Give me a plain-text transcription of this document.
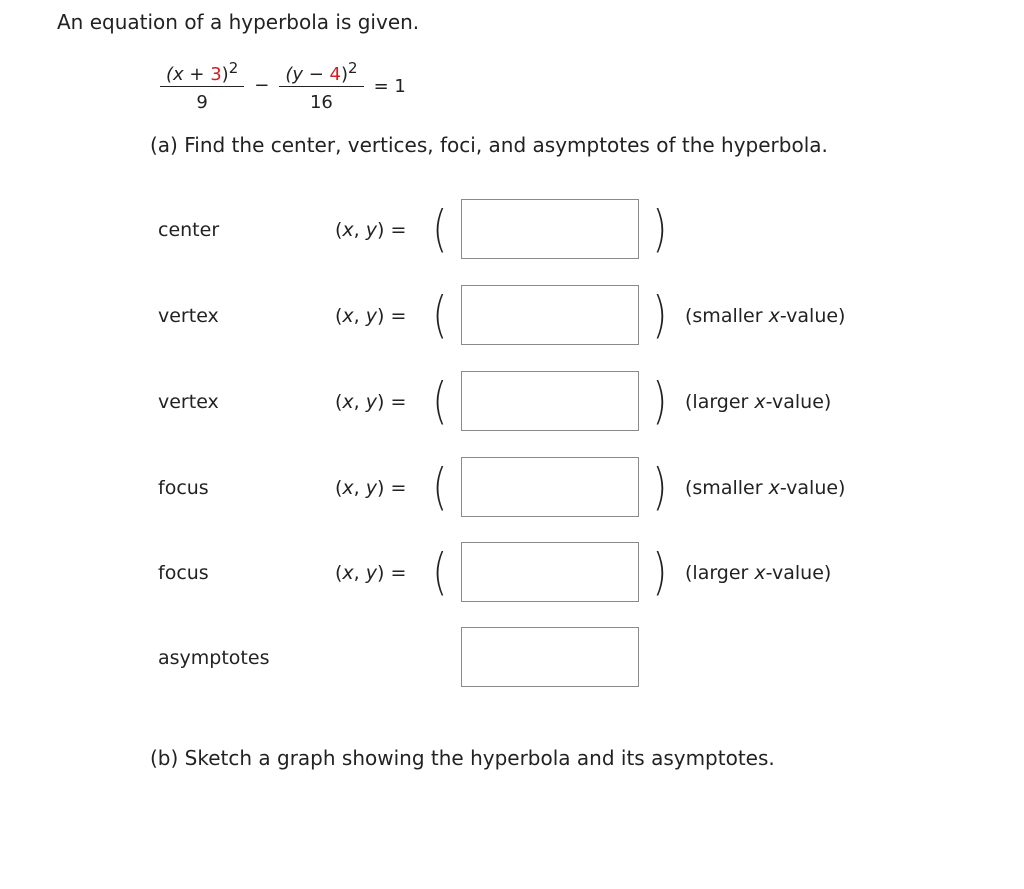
An equation of a hyperbola is given.
$\frac{(x + 3)^2}{9} - \frac{(y - 4)^2}{16} = 1$
(a) Find the center, vertices, foci, and asymptotes of the hyperbola.
center	(x, y) = (	)
vertex	(x, y) = (	) (smaller x-value)
vertex	(x, y) = (	) (larger x-value)
focus	(x, y) = (	) (smaller x-value)
focus	(x, y) = (	) (larger x-value)
asymptotes
(b) Sketch a graph showing the hyperbola and its asymptotes.
